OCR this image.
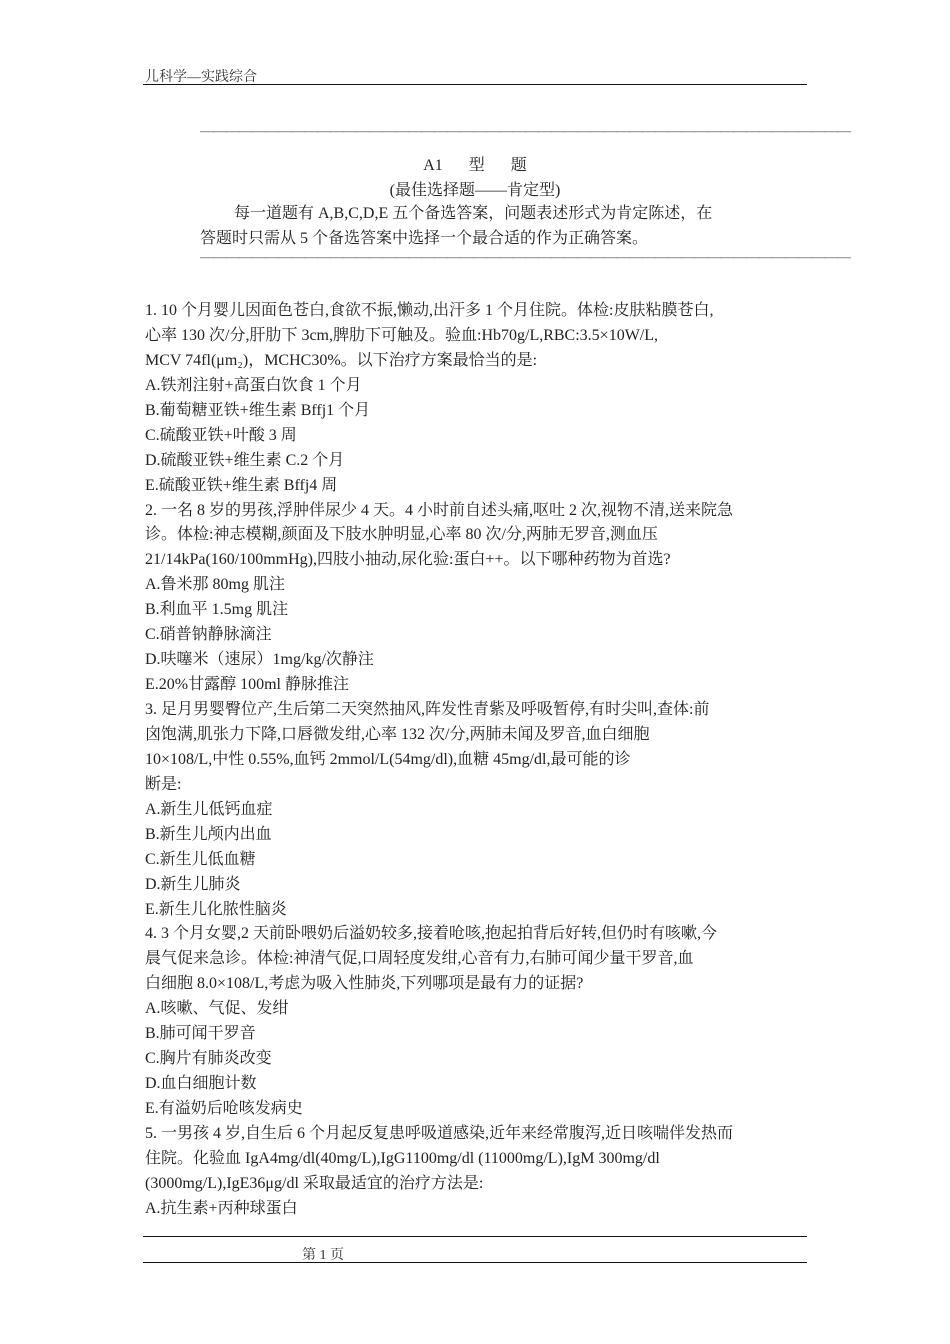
儿科学—实践综合
——————————————————————————————————————————————————
A1 型 题
(最佳选择题——肯定型)

每一道题有 A,B,C,D,E 五个备选答案，问题表述形式为肯定陈述，在

答题时只需从 5 个备选答案中选择一个最合适的作为正确答案。

——————————————————————————————————————————————————
1. 10 个月婴儿因面色苍白,食欲不振,懒动,出汗多 1 个月住院。体检:皮肤粘膜苍白,
心率 130 次/分,肝肋下 3cm,脾肋下可触及。验血:Hb70g/L,RBC:3.5×10W/L,
MCV 74fl(μm₂)，MCHC30%。以下治疗方案最恰当的是:
A.铁剂注射+高蛋白饮食 1 个月
B.葡萄糖亚铁+维生素 Bffj1 个月
C.硫酸亚铁+叶酸 3 周
D.硫酸亚铁+维生素 C.2 个月
E.硫酸亚铁+维生素 Bffj4 周
2. 一名 8 岁的男孩,浮肿伴尿少 4 天。4 小时前自述头痛,呕吐 2 次,视物不清,送来院急
诊。体检:神志模糊,颜面及下肢水肿明显,心率 80 次/分,两肺无罗音,测血压
21/14kPa(160/100mmHg),四肢小抽动,尿化验:蛋白++。以下哪种药物为首选?
A.鲁米那 80mg 肌注
B.利血平 1.5mg 肌注
C.硝普钠静脉滴注
D.呋噻米（速尿）1mg/kg/次静注
E.20%甘露醇 100ml 静脉推注
3. 足月男婴臀位产,生后第二天突然抽风,阵发性青紫及呼吸暂停,有时尖叫,查体:前
囟饱满,肌张力下降,口唇微发绀,心率 132 次/分,两肺未闻及罗音,血白细胞
10×108/L,中性 0.55%,血钙 2mmol/L(54mg/dl),血糖 45mg/dl,最可能的诊
断是:
A.新生儿低钙血症
B.新生儿颅内出血
C.新生儿低血糖
D.新生儿肺炎
E.新生儿化脓性脑炎
4. 3 个月女婴,2 天前卧喂奶后溢奶较多,接着呛咳,抱起拍背后好转,但仍时有咳嗽,今
晨气促来急诊。体检:神清气促,口周轻度发绀,心音有力,右肺可闻少量干罗音,血
白细胞 8.0×108/L,考虑为吸入性肺炎,下列哪项是最有力的证据?
A.咳嗽、气促、发绀
B.肺可闻干罗音
C.胸片有肺炎改变
D.血白细胞计数
E.有溢奶后呛咳发病史
5. 一男孩 4 岁,自生后 6 个月起反复患呼吸道感染,近年来经常腹泻,近日咳喘伴发热而
住院。化验血 IgA4mg/dl(40mg/L),IgG1100mg/dl (11000mg/L),IgM 300mg/dl
(3000mg/L),IgE36μg/dl 采取最适宜的治疗方法是:
A.抗生素+丙种球蛋白
第 1 页
